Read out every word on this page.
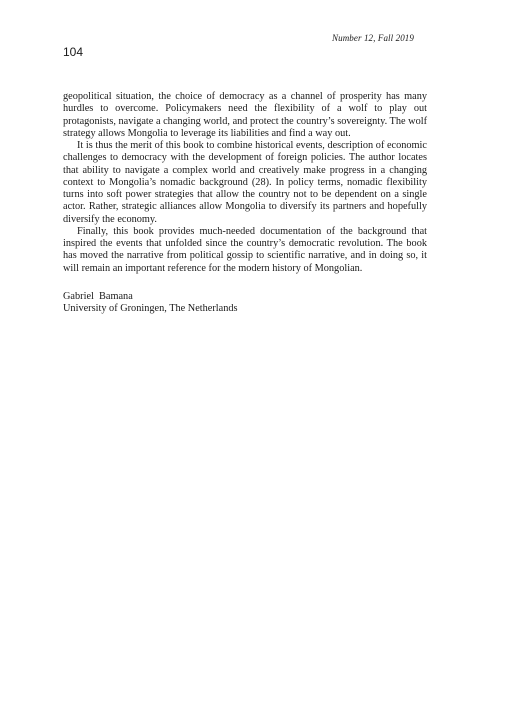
Number 12, Fall 2019
104

geopolitical situation, the choice of democracy as a channel of prosperity has many hurdles to overcome. Policymakers need the flexibility of a wolf to play out protagonists, navigate a changing world, and protect the country’s sovereignty. The wolf strategy allows Mongolia to leverage its liabilities and find a way out.

It is thus the merit of this book to combine historical events, description of economic challenges to democracy with the development of foreign policies. The author locates that ability to navigate a complex world and creatively make progress in a changing context to Mongolia’s nomadic background (28). In policy terms, nomadic flexibility turns into soft power strategies that allow the country not to be dependent on a single actor. Rather, strategic alliances allow Mongolia to diversify its partners and hopefully diversify the economy.

Finally, this book provides much-needed documentation of the background that inspired the events that unfolded since the country’s democratic revolution. The book has moved the narrative from political gossip to scientific narrative, and in doing so, it will remain an important reference for the modern history of Mongolian.

Gabriel  Bamana
University of Groningen, The Netherlands
